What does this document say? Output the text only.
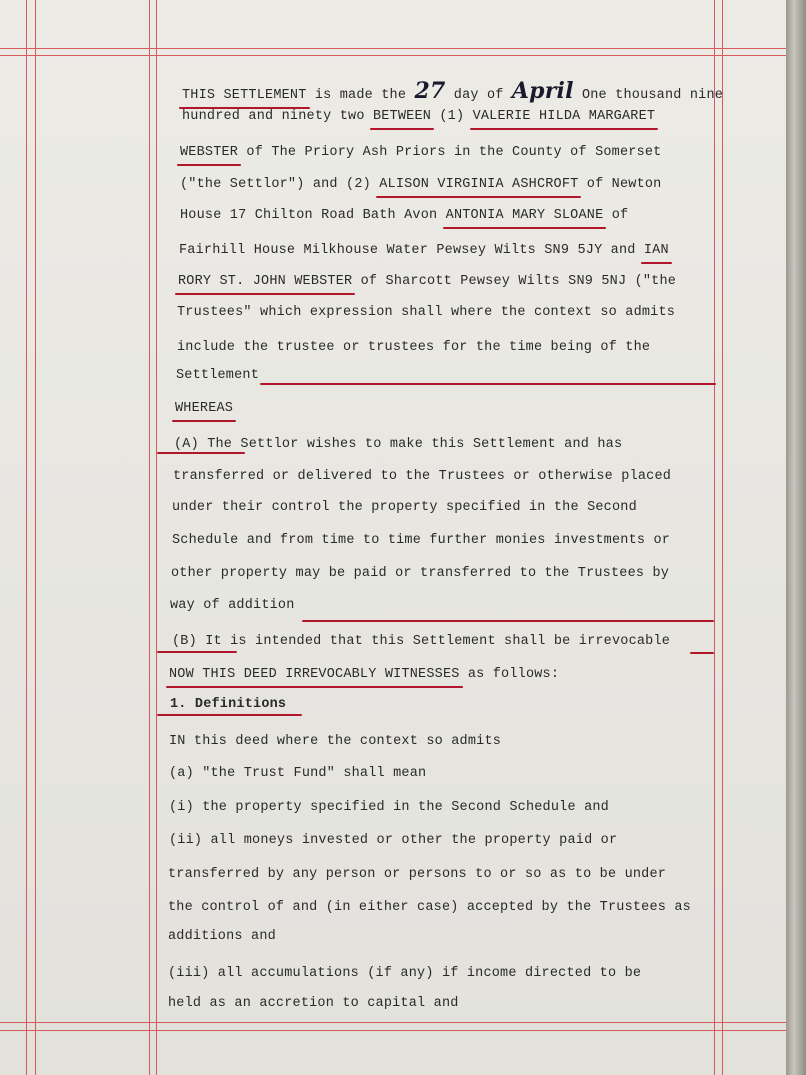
THIS SETTLEMENT is made the 27 day of April One thousand nine
hundred and ninety two BETWEEN (1) VALERIE HILDA MARGARET
WEBSTER of The Priory Ash Priors in the County of Somerset
("the Settlor") and (2) ALISON VIRGINIA ASHCROFT of Newton
House 17 Chilton Road Bath Avon ANTONIA MARY SLOANE of
Fairhill House Milkhouse Water Pewsey Wilts SN9 5JY and IAN
RORY ST. JOHN WEBSTER of Sharcott Pewsey Wilts SN9 5NJ ("the
Trustees" which expression shall where the context so admits
include the trustee or trustees for the time being of the
Settlement
WHEREAS
(A) The Settlor wishes to make this Settlement and has
transferred or delivered to the Trustees or otherwise placed
under their control the property specified in the Second
Schedule and from time to time further monies investments or
other property may be paid or transferred to the Trustees by
way of addition
(B) It is intended that this Settlement shall be irrevocable
NOW THIS DEED IRREVOCABLY WITNESSES as follows:
1. Definitions
IN this deed where the context so admits
(a) "the Trust Fund" shall mean
(i) the property specified in the Second Schedule and
(ii) all moneys invested or other the property paid or
transferred by any person or persons to or so as to be under
the control of and (in either case) accepted by the Trustees as
additions and
(iii) all accumulations (if any) if income directed to be
held as an accretion to capital and
